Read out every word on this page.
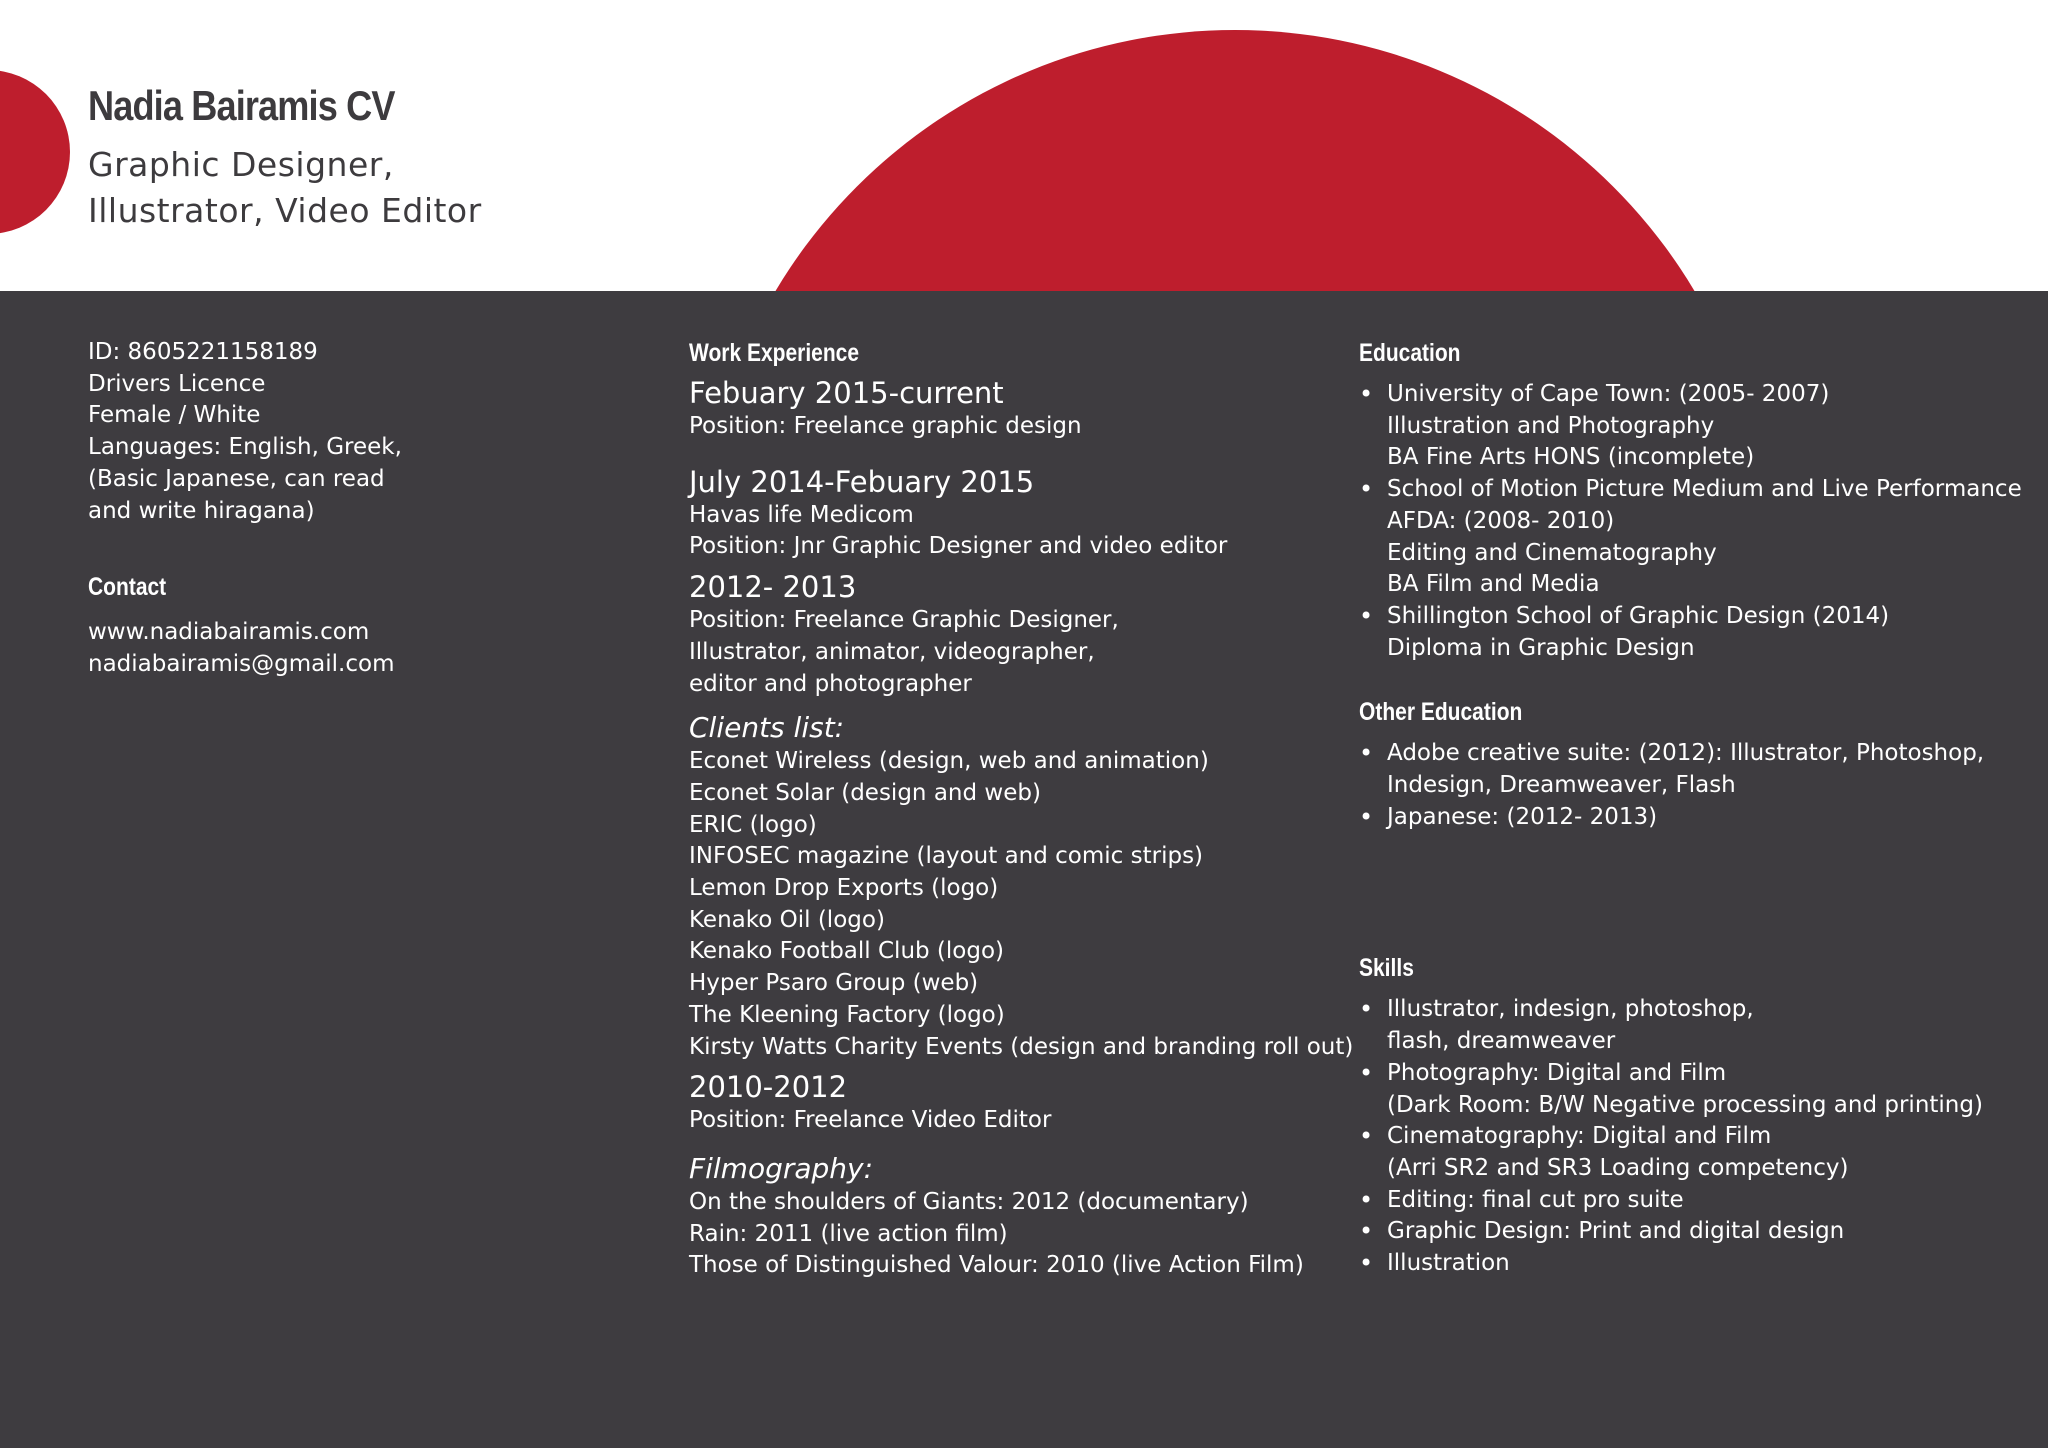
Nadia Bairamis CV
Graphic Designer,
Illustrator, Video Editor
ID: 8605221158189
Drivers Licence
Female / White
Languages: English, Greek,
(Basic Japanese, can read
and write hiragana)
Contact
www.nadiabairamis.com
nadiabairamis@gmail.com
Work Experience
Febuary 2015-current
Position: Freelance graphic design
July 2014-Febuary 2015
Havas life Medicom
Position: Jnr Graphic Designer and video editor
2012- 2013
Position: Freelance Graphic Designer,
Illustrator, animator, videographer,
editor and photographer
Clients list:
Econet Wireless (design, web and animation)
Econet Solar (design and web)
ERIC (logo)
INFOSEC magazine (layout and comic strips)
Lemon Drop Exports (logo)
Kenako Oil (logo)
Kenako Football Club (logo)
Hyper Psaro Group (web)
The Kleening Factory (logo)
Kirsty Watts Charity Events (design and branding roll out)
2010-2012
Position: Freelance Video Editor
Filmography:
On the shoulders of Giants: 2012 (documentary)
Rain: 2011 (live action film)
Those of Distinguished Valour: 2010 (live Action Film)
Education
• University of Cape Town: (2005- 2007)
Illustration and Photography
BA Fine Arts HONS (incomplete)
• School of Motion Picture Medium and Live Performance
AFDA: (2008- 2010)
Editing and Cinematography
BA Film and Media
• Shillington School of Graphic Design (2014)
Diploma in Graphic Design
Other Education
• Adobe creative suite: (2012): Illustrator, Photoshop,
Indesign, Dreamweaver, Flash
• Japanese: (2012- 2013)
Skills
• Illustrator, indesign, photoshop,
flash, dreamweaver
• Photography: Digital and Film
(Dark Room: B/W Negative processing and printing)
• Cinematography: Digital and Film
(Arri SR2 and SR3 Loading competency)
• Editing: final cut pro suite
• Graphic Design: Print and digital design
• Illustration
